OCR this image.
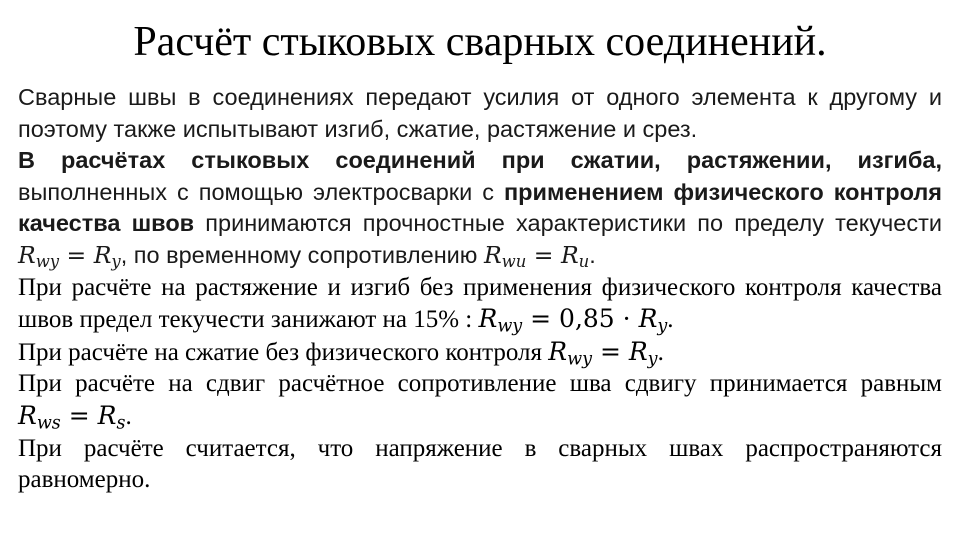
Расчёт стыковых сварных соединений.

Сварные швы в соединениях передают усилия от одного элемента к другому и поэтому также испытывают изгиб, сжатие, растяжение и срез.

В расчётах стыковых соединений при сжатии, растяжении, изгиба, выполненных с помощью электросварки с применением физического контроля качества швов принимаются прочностные характеристики по пределу текучести $R_{wy} = R_y$, по временному сопротивлению $R_{wu} = R_u$.

При расчёте на растяжение и изгиб без применения физического контроля качества швов предел текучести занижают на 15% : $R_{wy} = 0,85 \cdot R_y$.

При расчёте на сжатие без физического контроля $R_{wy} = R_y$.

При расчёте на сдвиг расчётное сопротивление шва сдвигу принимается равным $R_{ws} = R_s$.

При расчёте считается, что напряжение в сварных швах распространяются равномерно.
